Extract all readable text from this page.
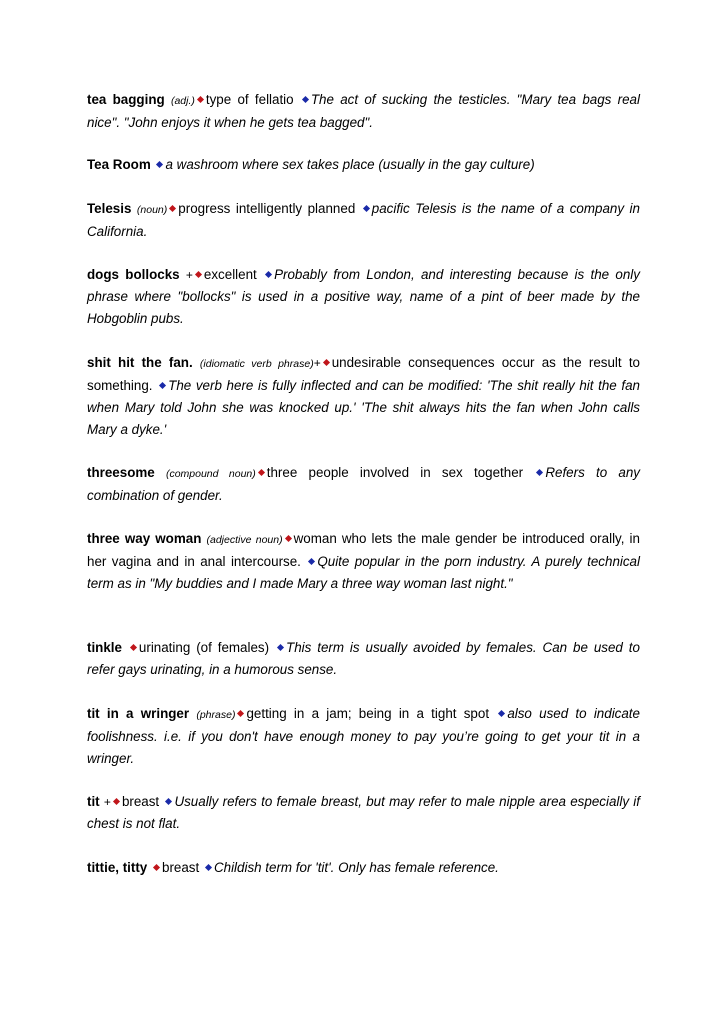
tea bagging (adj.) type of fellatio The act of sucking the testicles. "Mary tea bags real nice". "John enjoys it when he gets tea bagged".
Tea Room a washroom where sex takes place (usually in the gay culture)
Telesis (noun) progress intelligently planned pacific Telesis is the name of a company in California.
dogs bollocks + excellent Probably from London, and interesting because is the only phrase where "bollocks" is used in a positive way, name of a pint of beer made by the Hobgoblin pubs.
shit hit the fan. (idiomatic verb phrase)+ undesirable consequences occur as the result to something. The verb here is fully inflected and can be modified: 'The shit really hit the fan when Mary told John she was knocked up.' 'The shit always hits the fan when John calls Mary a dyke.'
threesome (compound noun) three people involved in sex together Refers to any combination of gender.
three way woman (adjective noun) woman who lets the male gender be introduced orally, in her vagina and in anal intercourse. Quite popular in the porn industry. A purely technical term as in "My buddies and I made Mary a three way woman last night."
tinkle urinating (of females) This term is usually avoided by females. Can be used to refer gays urinating, in a humorous sense.
tit in a wringer (phrase) getting in a jam; being in a tight spot also used to indicate foolishness. i.e. if you don't have enough money to pay you’re going to get your tit in a wringer.
tit + breast Usually refers to female breast, but may refer to male nipple area especially if chest is not flat.
tittie, titty breast Childish term for 'tit'. Only has female reference.
